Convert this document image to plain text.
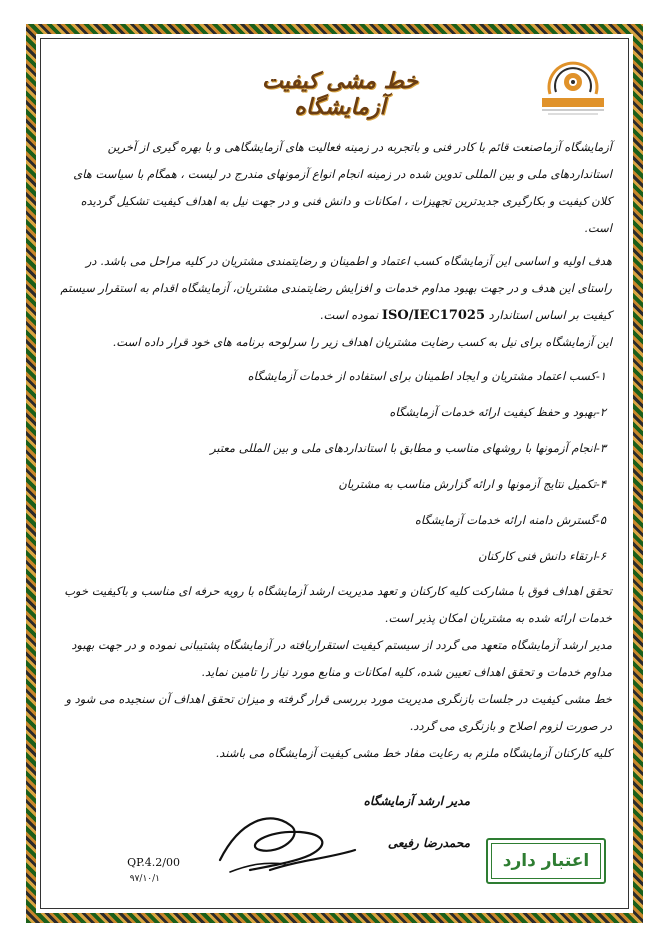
خط مشی کیفیت آزمایشگاه

آزمایشگاه آزماصنعت قائم با کادر فنی و باتجربه در زمینه فعالیت های آزمایشگاهی و با بهره گیری از آخرین استانداردهای ملی و بین المللی تدوین شده در زمینه انجام انواع آزمونهای مندرج در لیست ، همگام با سیاست های کلان کیفیت و بکارگیری جدیدترین تجهیزات ، امکانات و دانش فنی و در جهت نیل به اهداف کیفیت تشکیل گردیده است.

هدف اولیه و اساسی این آزمایشگاه کسب اعتماد و اطمینان و رضایتمندی مشتریان در کلیه مراحل می باشد. در راستای این هدف و در جهت بهبود مداوم خدمات و افزایش رضایتمندی مشتریان، آزمایشگاه اقدام به استقرار سیستم کیفیت بر اساس استاندارد ISO/IEC17025 نموده است.

این آزمایشگاه برای نیل به کسب رضایت مشتریان اهداف زیر را سرلوحه برنامه های خود قرار داده است.

۱-کسب اعتماد مشتریان و ایجاد اطمینان برای استفاده از خدمات آزمایشگاه
۲-بهبود و حفظ کیفیت ارائه خدمات آزمایشگاه
۳-انجام آزمونها با روشهای مناسب و مطابق با استانداردهای ملی و بین المللی معتبر
۴-تکمیل نتایج آزمونها و ارائه گزارش مناسب به مشتریان
۵-گسترش دامنه ارائه خدمات آزمایشگاه
۶-ارتقاء دانش فنی کارکنان

تحقق اهداف فوق با مشارکت کلیه کارکنان و تعهد مدیریت ارشد آزمایشگاه با رویه حرفه ای مناسب و باکیفیت خوب خدمات ارائه شده به مشتریان امکان پذیر است.

مدیر ارشد آزمایشگاه متعهد می گردد از سیستم کیفیت استقراریافته در آزمایشگاه پشتیبانی نموده و در جهت بهبود مداوم خدمات و تحقق اهداف تعیین شده، کلیه امکانات و منابع مورد نیاز را تامین نماید.

خط مشی کیفیت در جلسات بازنگری مدیریت مورد بررسی قرار گرفته و میزان تحقق اهداف آن سنجیده می شود و در صورت لزوم اصلاح و بازنگری می گردد.

کلیه کارکنان آزمایشگاه ملزم به رعایت مفاد خط مشی کیفیت آزمایشگاه می باشند.

مدیر ارشد آزمایشگاه
محمدرضا رفیعی
اعتبار دارد
QP.4.2/00
۹۷/۱۰/۱
